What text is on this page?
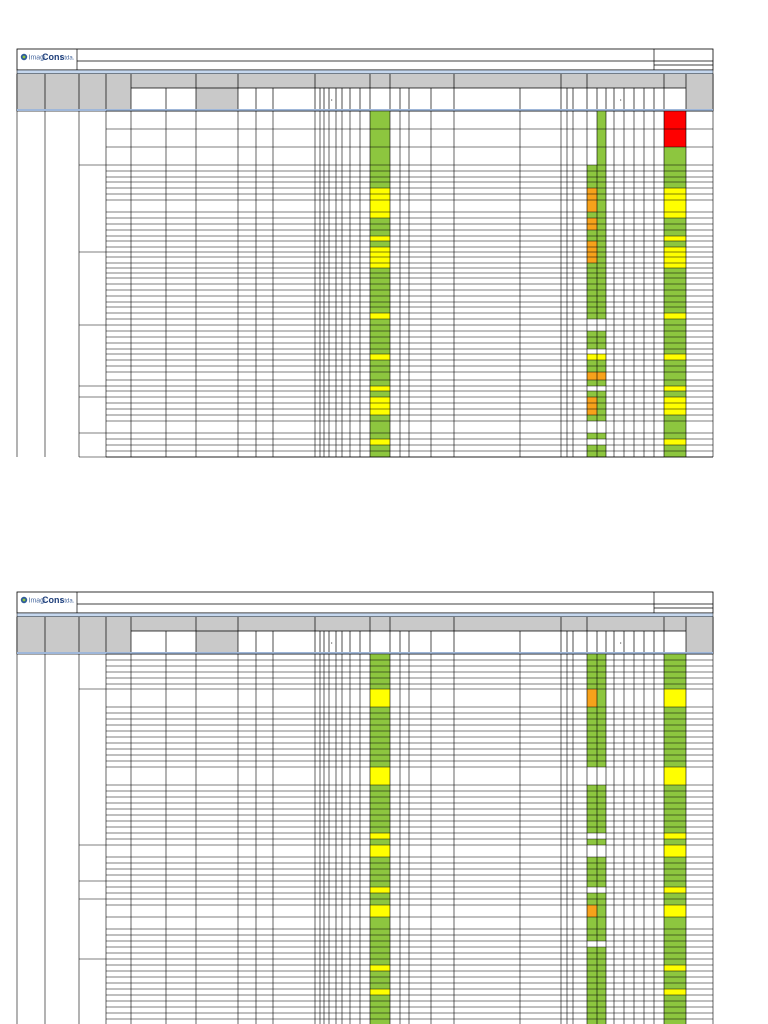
Imagi
Cons
Ltda.
•	•
Imagi
Cons
Ltda.
•	•
